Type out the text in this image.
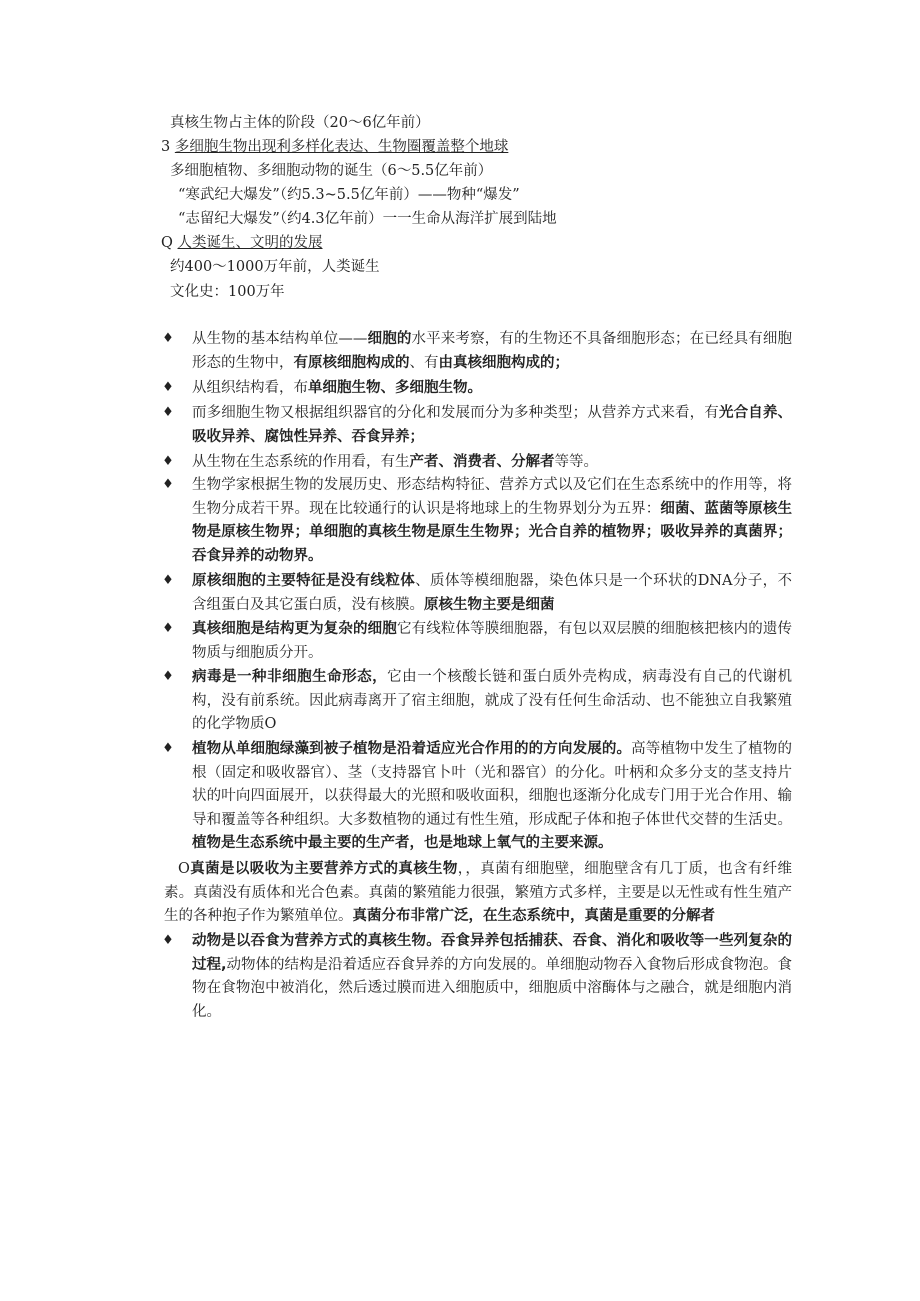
真核生物占主体的阶段（20～6亿年前）
3 多细胞生物出现利多样化表达、生物圈覆盖整个地球
多细胞植物、多细胞动物的诞生（6～5.5亿年前）
“寒武纪大爆发”（约5.3~5.5亿年前）——物种“爆发”
“志留纪大爆发”（约4.3亿年前）一一生命从海洋扩展到陆地
Q 人类诞生、文明的发展
约400～1000万年前，人类诞生
文化史：100万年
♦ 从生物的基本结构单位——细胞的水平来考察，有的生物还不具备细胞形态；在已经具有细胞形态的生物中，有原核细胞构成的、有由真核细胞构成的；
♦ 从组织结构看，布单细胞生物、多细胞生物。
♦ 而多细胞生物又根据组织器官的分化和发展而分为多种类型；从营养方式来看，有光合自养、吸收异养、腐蚀性异养、吞食异养；
♦ 从生物在生态系统的作用看，有生产者、消费者、分解者等等。
♦ 生物学家根据生物的发展历史、形态结构特征、营养方式以及它们在生态系统中的作用等，将生物分成若干界。现在比较通行的认识是将地球上的生物界划分为五界：细菌、蓝菌等原核生物是原核生物界；单细胞的真核生物是原生生物界；光合自养的植物界；吸收异养的真菌界；吞食异养的动物界。
♦ 原核细胞的主要特征是没有线粒体、质体等模细胞器，染色体只是一个环状的DNA分子，不含组蛋白及其它蛋白质，没有核膜。原核生物主要是细菌
♦ 真核细胞是结构更为复杂的细胞它有线粒体等膜细胞器，有包以双层膜的细胞核把核内的遗传物质与细胞质分开。
♦ 病毒是一种非细胞生命形态，它由一个核酸长链和蛋白质外壳构成，病毒没有自己的代谢机构，没有前系统。因此病毒离开了宿主细胞，就成了没有任何生命活动、也不能独立自我繁殖的化学物质O
♦ 植物从单细胞绿藻到被子植物是沿着适应光合作用的的方向发展的。高等植物中发生了植物的根（固定和吸收器官）、茎（支持器官卜叶（光和器官）的分化。叶柄和众多分支的茎支持片状的叶向四面展开，以获得最大的光照和吸收面积，细胞也逐渐分化成专门用于光合作用、输导和覆盖等各种组织。大多数植物的通过有性生殖，形成配子体和抱子体世代交替的生活史。植物是生态系统中最主要的生产者，也是地球上氧气的主要来源。
O真菌是以吸收为主要营养方式的真核生物，，真菌有细胞壁，细胞壁含有几丁质，也含有纤维素。真菌没有质体和光合色素。真菌的繁殖能力很强，繁殖方式多样，主要是以无性或有性生殖产生的各种抱子作为繁殖单位。真菌分布非常广泛，在生态系统中，真菌是重要的分解者
♦ 动物是以吞食为营养方式的真核生物。吞食异养包括捕获、吞食、消化和吸收等一些列复杂的过程,动物体的结构是沿着适应吞食异养的方向发展的。单细胞动物吞入食物后形成食物泡。食物在食物泡中被消化，然后透过膜而进入细胞质中，细胞质中溶酶体与之融合，就是细胞内消化。
